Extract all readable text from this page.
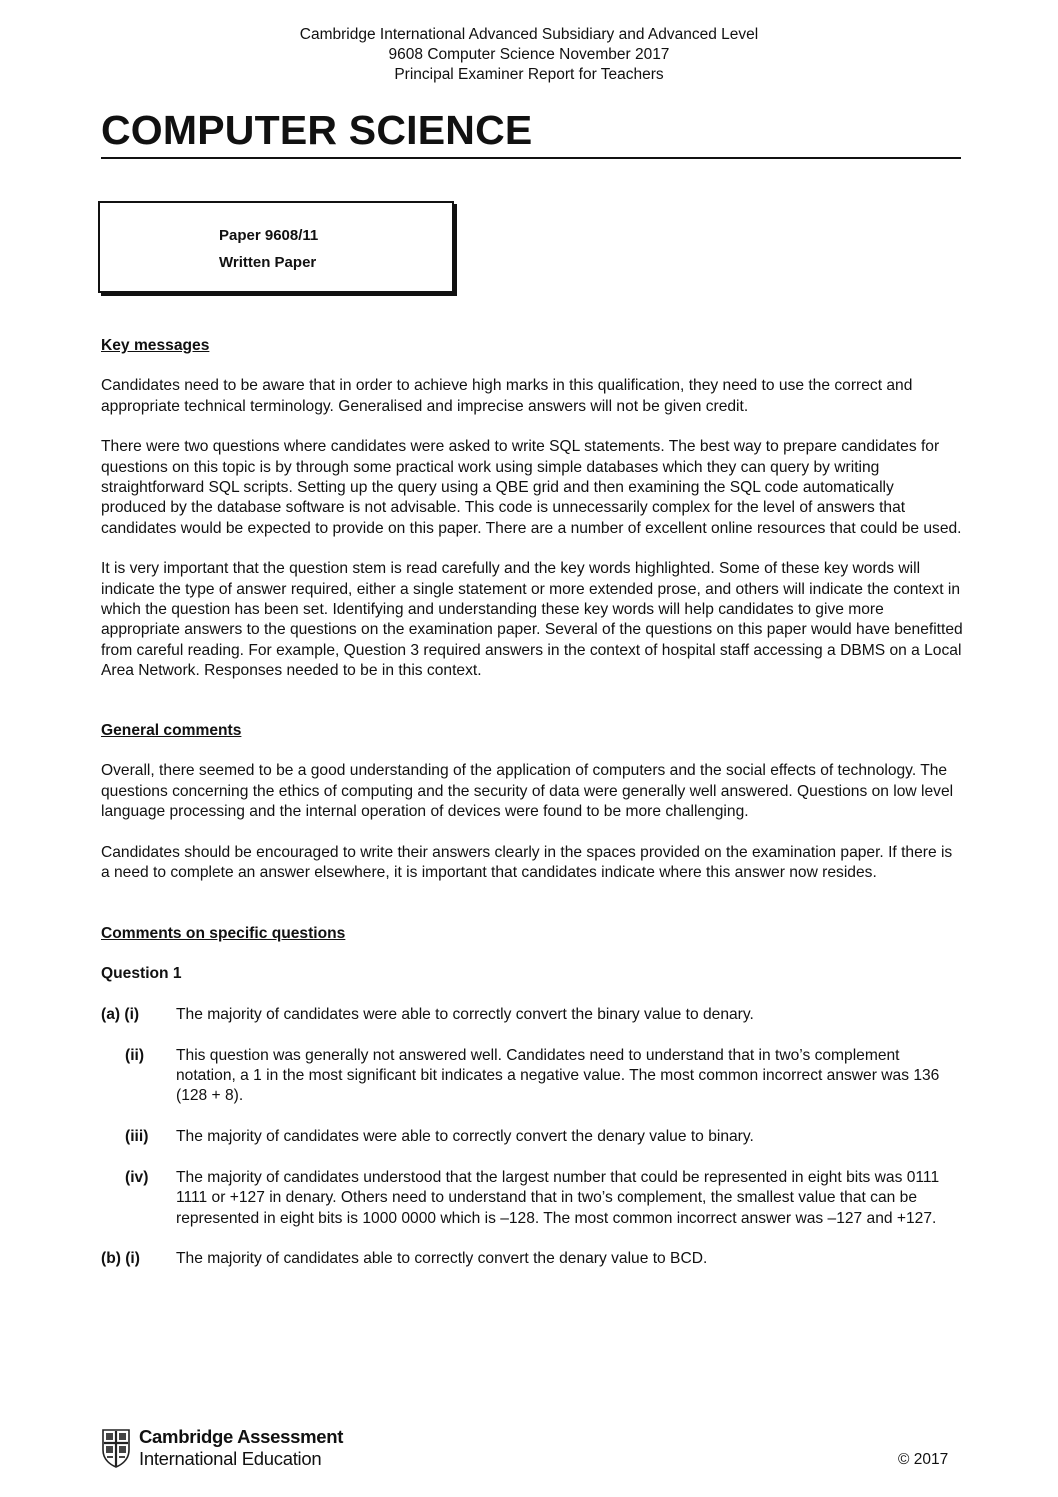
Cambridge International Advanced Subsidiary and Advanced Level
9608 Computer Science November 2017
Principal Examiner Report for Teachers
COMPUTER SCIENCE
Paper 9608/11
Written Paper
Key messages

Candidates need to be aware that in order to achieve high marks in this qualification, they need to use the correct and appropriate technical terminology. Generalised and imprecise answers will not be given credit.

There were two questions where candidates were asked to write SQL statements. The best way to prepare candidates for questions on this topic is by through some practical work using simple databases which they can query by writing straightforward SQL scripts. Setting up the query using a QBE grid and then examining the SQL code automatically produced by the database software is not advisable. This code is unnecessarily complex for the level of answers that candidates would be expected to provide on this paper. There are a number of excellent online resources that could be used.

It is very important that the question stem is read carefully and the key words highlighted. Some of these key words will indicate the type of answer required, either a single statement or more extended prose, and others will indicate the context in which the question has been set. Identifying and understanding these key words will help candidates to give more appropriate answers to the questions on the examination paper. Several of the questions on this paper would have benefitted from careful reading. For example, Question 3 required answers in the context of hospital staff accessing a DBMS on a Local Area Network. Responses needed to be in this context.

General comments

Overall, there seemed to be a good understanding of the application of computers and the social effects of technology. The questions concerning the ethics of computing and the security of data were generally well answered. Questions on low level language processing and the internal operation of devices were found to be more challenging.

Candidates should be encouraged to write their answers clearly in the spaces provided on the examination paper. If there is a need to complete an answer elsewhere, it is important that candidates indicate where this answer now resides.

Comments on specific questions
Question 1
(a) (i)	The majority of candidates were able to correctly convert the binary value to denary.
(ii)	This question was generally not answered well. Candidates need to understand that in two’s complement notation, a 1 in the most significant bit indicates a negative value. The most common incorrect answer was 136 (128 + 8).
(iii)	The majority of candidates were able to correctly convert the denary value to binary.
(iv)	The majority of candidates understood that the largest number that could be represented in eight bits was 0111 1111 or +127 in denary. Others need to understand that in two’s complement, the smallest value that can be represented in eight bits is 1000 0000 which is –128. The most common incorrect answer was –127 and +127.
(b) (i)	The majority of candidates able to correctly convert the denary value to BCD.
Cambridge Assessment
International Education	© 2017
